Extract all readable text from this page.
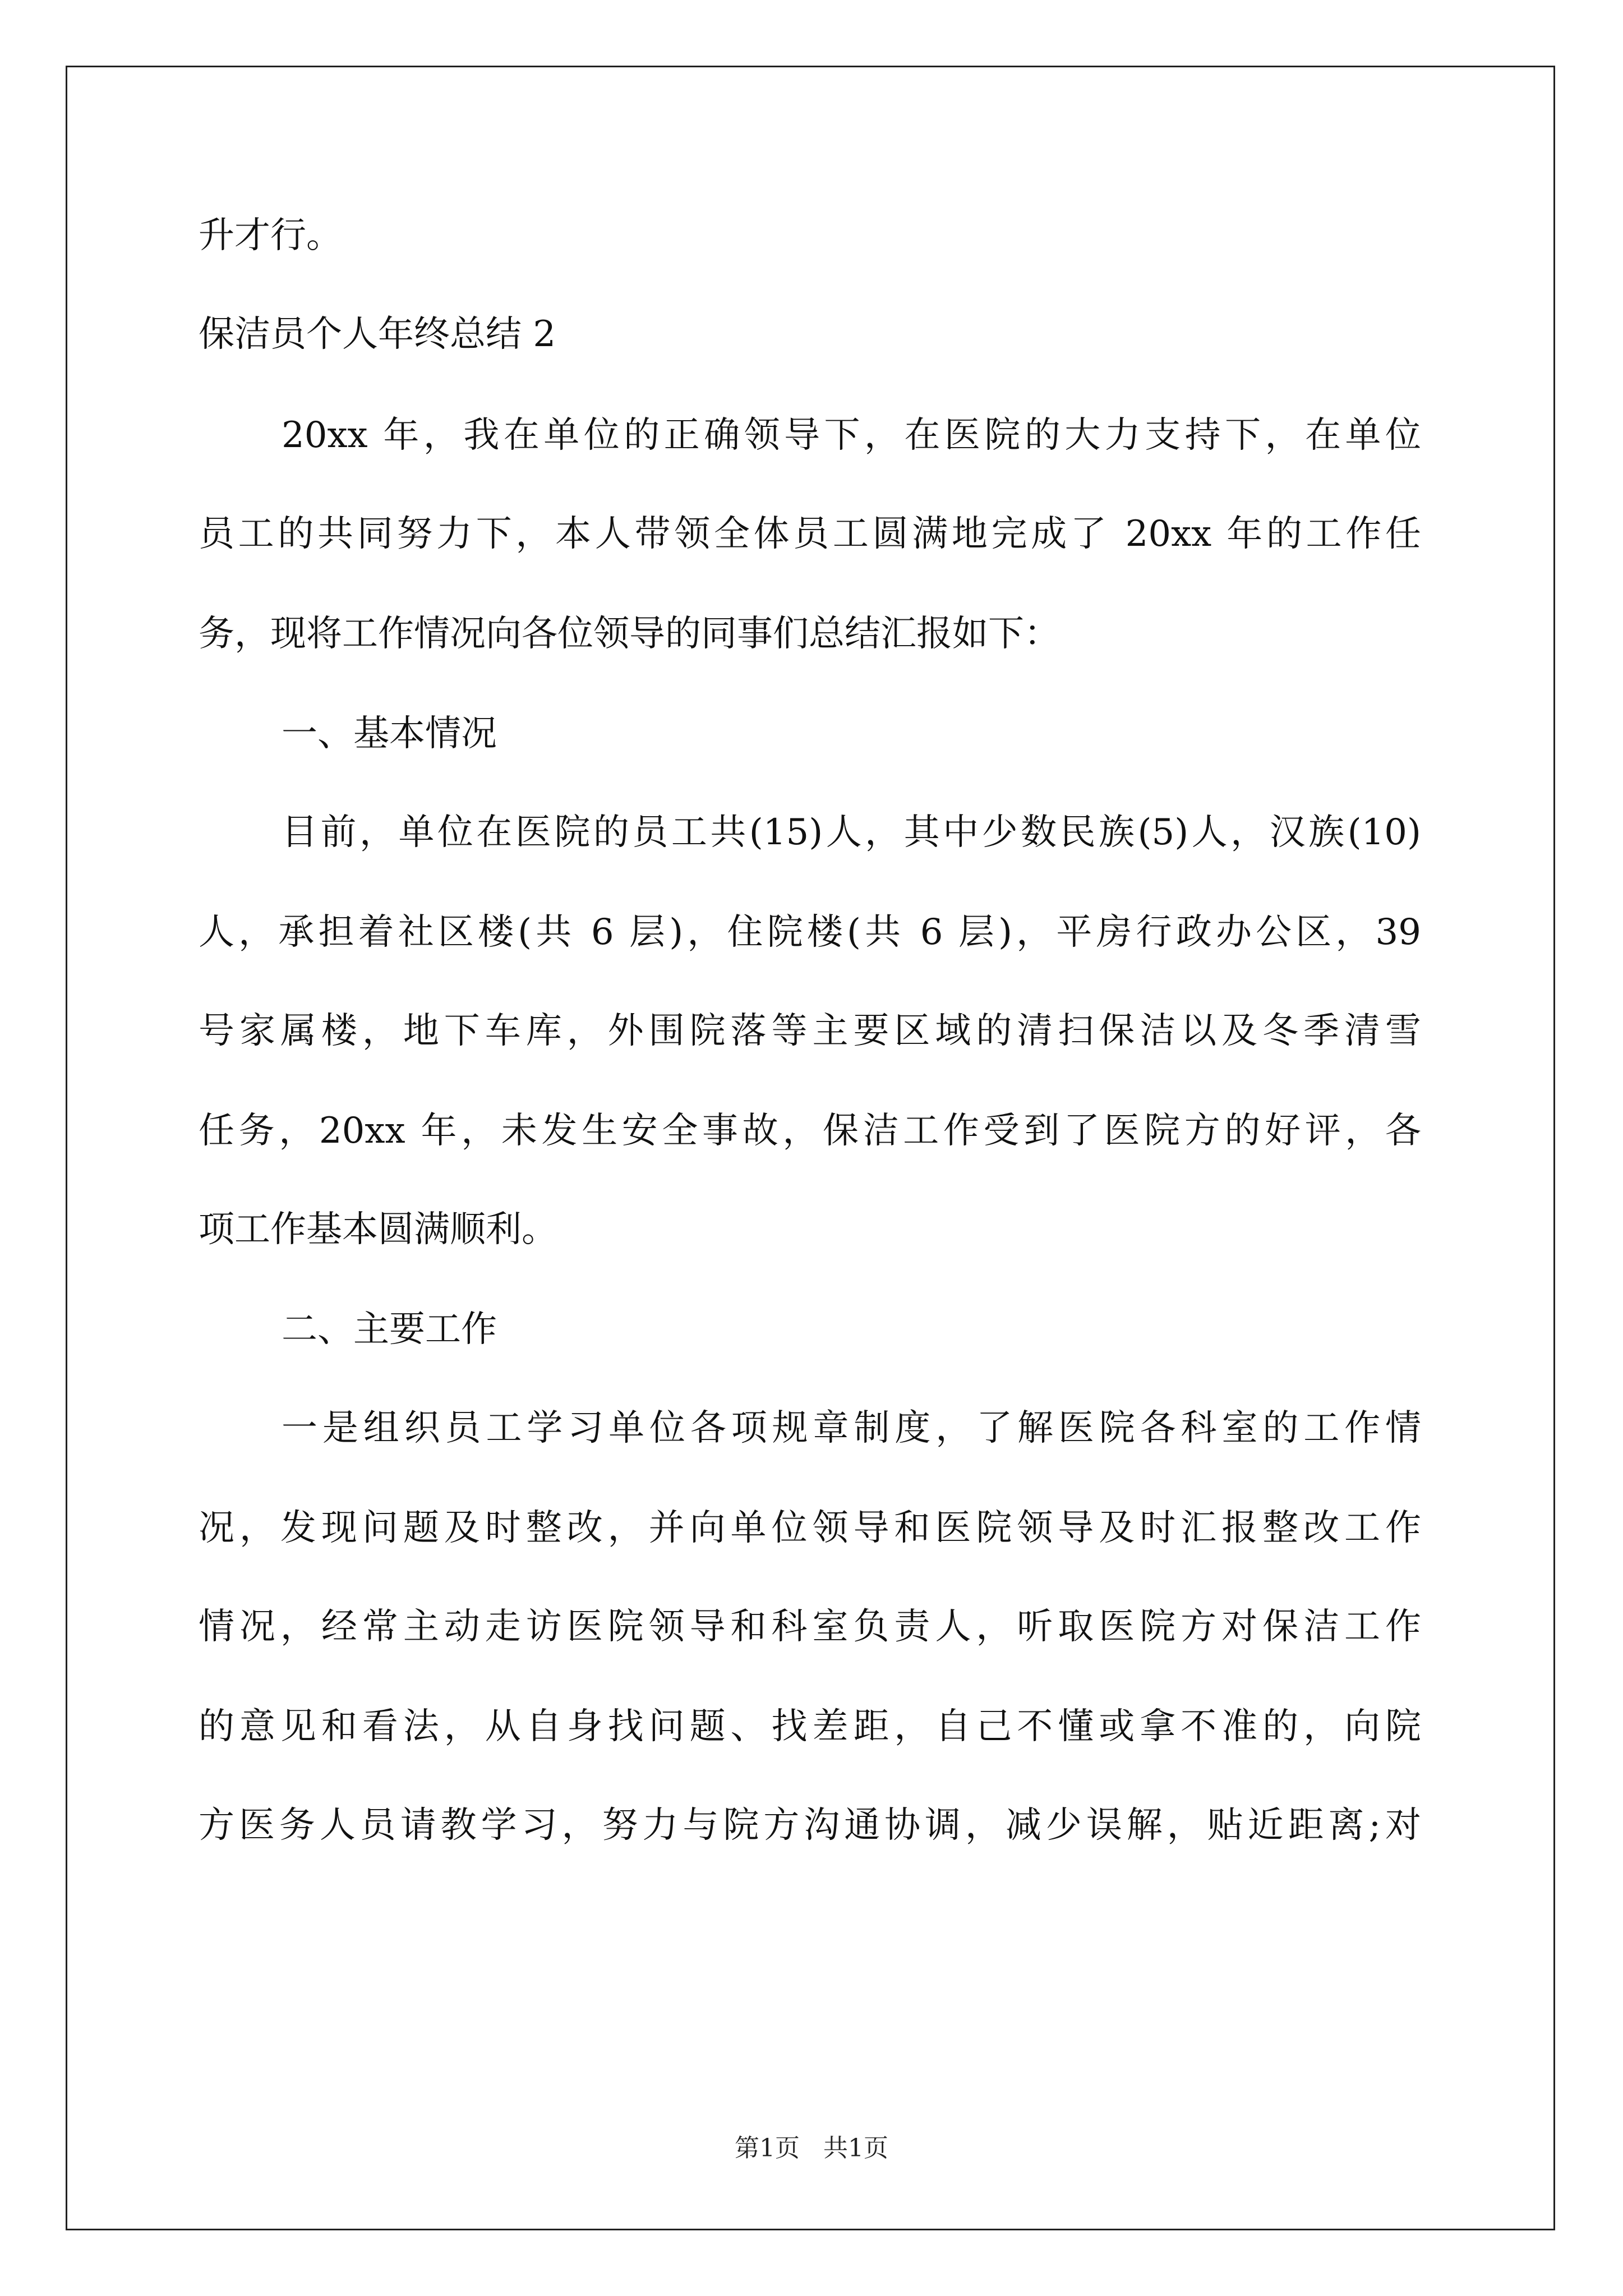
升才行。
保洁员个人年终总结 2
20xx 年，我在单位的正确领导下，在医院的大力支持下，在单位
员工的共同努力下，本人带领全体员工圆满地完成了 20xx 年的工作任
务，现将工作情况向各位领导的同事们总结汇报如下：
一、基本情况
目前，单位在医院的员工共(15)人，其中少数民族(5)人，汉族(10)
人，承担着社区楼(共 6 层)，住院楼(共 6 层)，平房行政办公区，39
号家属楼，地下车库，外围院落等主要区域的清扫保洁以及冬季清雪
任务，20xx 年，未发生安全事故，保洁工作受到了医院方的好评，各
项工作基本圆满顺利。
二、主要工作
一是组织员工学习单位各项规章制度，了解医院各科室的工作情
况，发现问题及时整改，并向单位领导和医院领导及时汇报整改工作
情况，经常主动走访医院领导和科室负责人，听取医院方对保洁工作
的意见和看法，从自身找问题、找差距，自己不懂或拿不准的，向院
方医务人员请教学习，努力与院方沟通协调，减少误解，贴近距离;对
第1页   共1页
